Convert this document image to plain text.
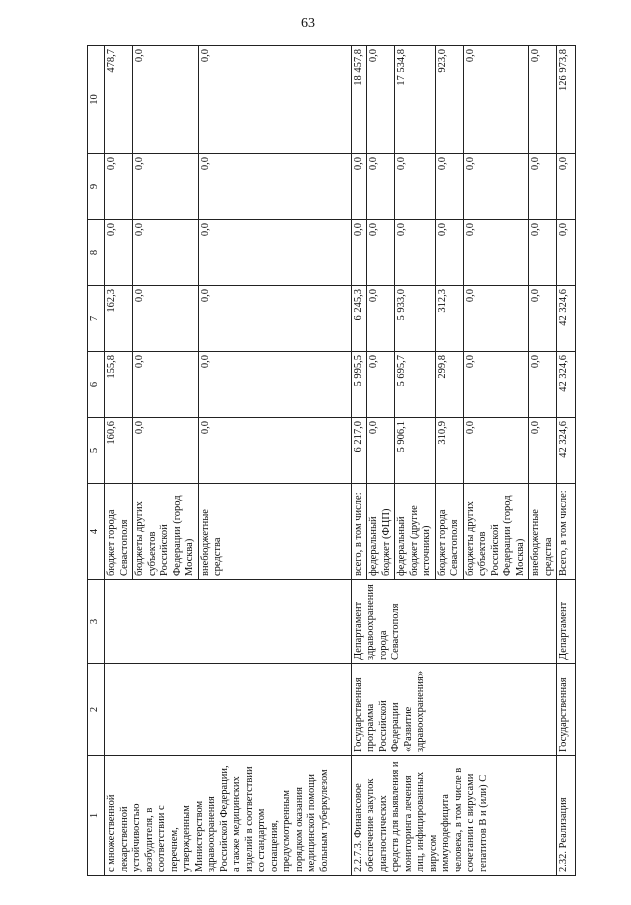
63
1	2	3	4	5	6	7	8	9	10
с множественной лекарственной устойчивостью возбудителя, в соответствии с перечнем, утвержденным Министерством здравоохранения Российской Федерации, а также медицинских изделий в соответствии со стандартом оснащения, предусмотренным порядком оказания медицинской помощи больным туберкулезом			бюджет города Севастополя	160,6	155,8	162,3	0,0	0,0	478,7
			бюджеты других субъектов Российской Федерации (город Москва)	0,0	0,0	0,0	0,0	0,0	0,0
			внебюджетные средства	0,0	0,0	0,0	0,0	0,0	0,0
2.2.7.3. Финансовое обеспечение закупок диагностических средств для выявления и мониторинга лечения лиц, инфицированных вирусом иммунодефицита человека, в том числе в сочетании с вирусами гепатитов В и (или) С	Государственная программа Российской Федерации «Развитие здравоохранения»	Департамент здравоохранения города Севастополя	всего, в том числе:	6 217,0	5 995,5	6 245,3	0,0	0,0	18 457,8
			федеральный бюджет (ФЦП)	0,0	0,0	0,0	0,0	0,0	0,0
			федеральный бюджет (другие источники)	5 906,1	5 695,7	5 933,0	0,0	0,0	17 534,8
			бюджет города Севастополя	310,9	299,8	312,3	0,0	0,0	923,0
			бюджеты других субъектов Российской Федерации (город Москва)	0,0	0,0	0,0	0,0	0,0	0,0
			внебюджетные средства	0,0	0,0	0,0	0,0	0,0	0,0
2.32. Реализация	Государственная	Департамент	Всего, в том числе:	42 324,6	42 324,6	42 324,6	0,0	0,0	126 973,8
